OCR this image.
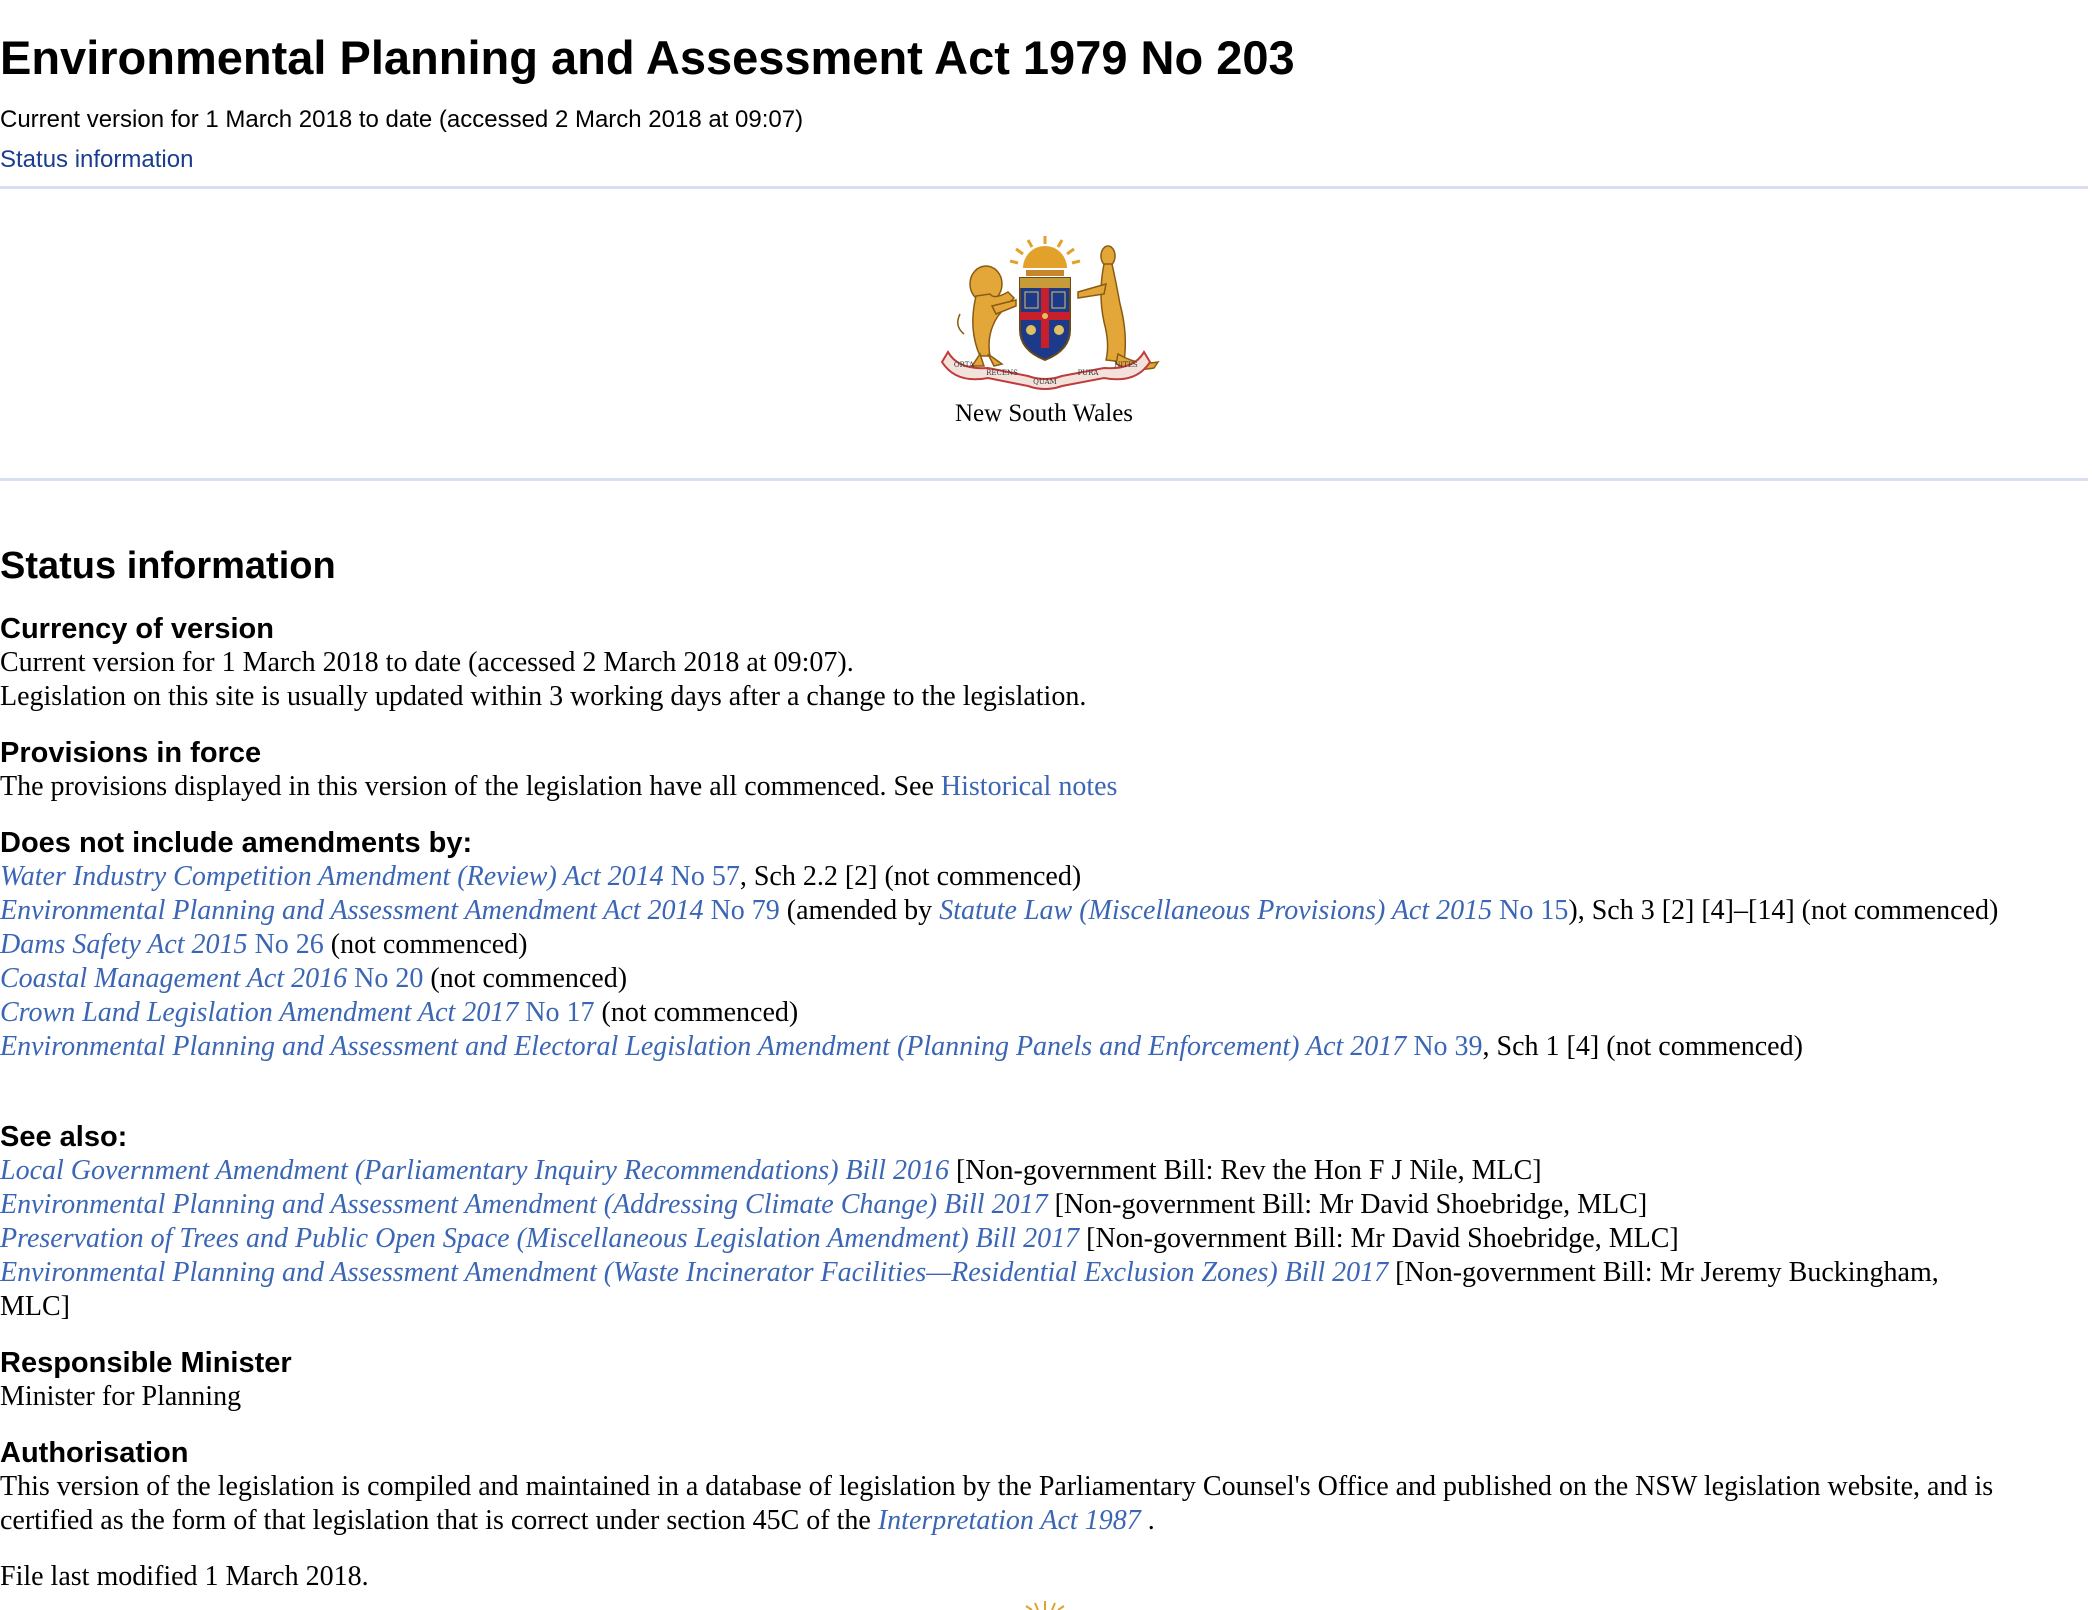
Environmental Planning and Assessment Act 1979 No 203
Current version for 1 March 2018 to date (accessed 2 March 2018 at 09:07)
Status information
ORTA
RECENS
QUAM
PURA
NITES
New South Wales
Status information
Currency of version
Current version for 1 March 2018 to date (accessed 2 March 2018 at 09:07).
Legislation on this site is usually updated within 3 working days after a change to the legislation.
Provisions in force
The provisions displayed in this version of the legislation have all commenced. See Historical notes
Does not include amendments by:
Water Industry Competition Amendment (Review) Act 2014 No 57, Sch 2.2 [2] (not commenced)
Environmental Planning and Assessment Amendment Act 2014 No 79 (amended by Statute Law (Miscellaneous Provisions) Act 2015 No 15), Sch 3 [2] [4]–[14] (not commenced)
Dams Safety Act 2015 No 26 (not commenced)
Coastal Management Act 2016 No 20 (not commenced)
Crown Land Legislation Amendment Act 2017 No 17 (not commenced)
Environmental Planning and Assessment and Electoral Legislation Amendment (Planning Panels and Enforcement) Act 2017 No 39, Sch 1 [4] (not commenced)
See also:
Local Government Amendment (Parliamentary Inquiry Recommendations) Bill 2016 [Non-government Bill: Rev the Hon F J Nile, MLC]
Environmental Planning and Assessment Amendment (Addressing Climate Change) Bill 2017 [Non-government Bill: Mr David Shoebridge, MLC]
Preservation of Trees and Public Open Space (Miscellaneous Legislation Amendment) Bill 2017 [Non-government Bill: Mr David Shoebridge, MLC]
Environmental Planning and Assessment Amendment (Waste Incinerator Facilities—Residential Exclusion Zones) Bill 2017 [Non-government Bill: Mr Jeremy Buckingham, MLC]
Responsible Minister
Minister for Planning
Authorisation
This version of the legislation is compiled and maintained in a database of legislation by the Parliamentary Counsel's Office and published on the NSW legislation website, and is certified as the form of that legislation that is correct under section 45C of the Interpretation Act 1987 .
File last modified 1 March 2018.
